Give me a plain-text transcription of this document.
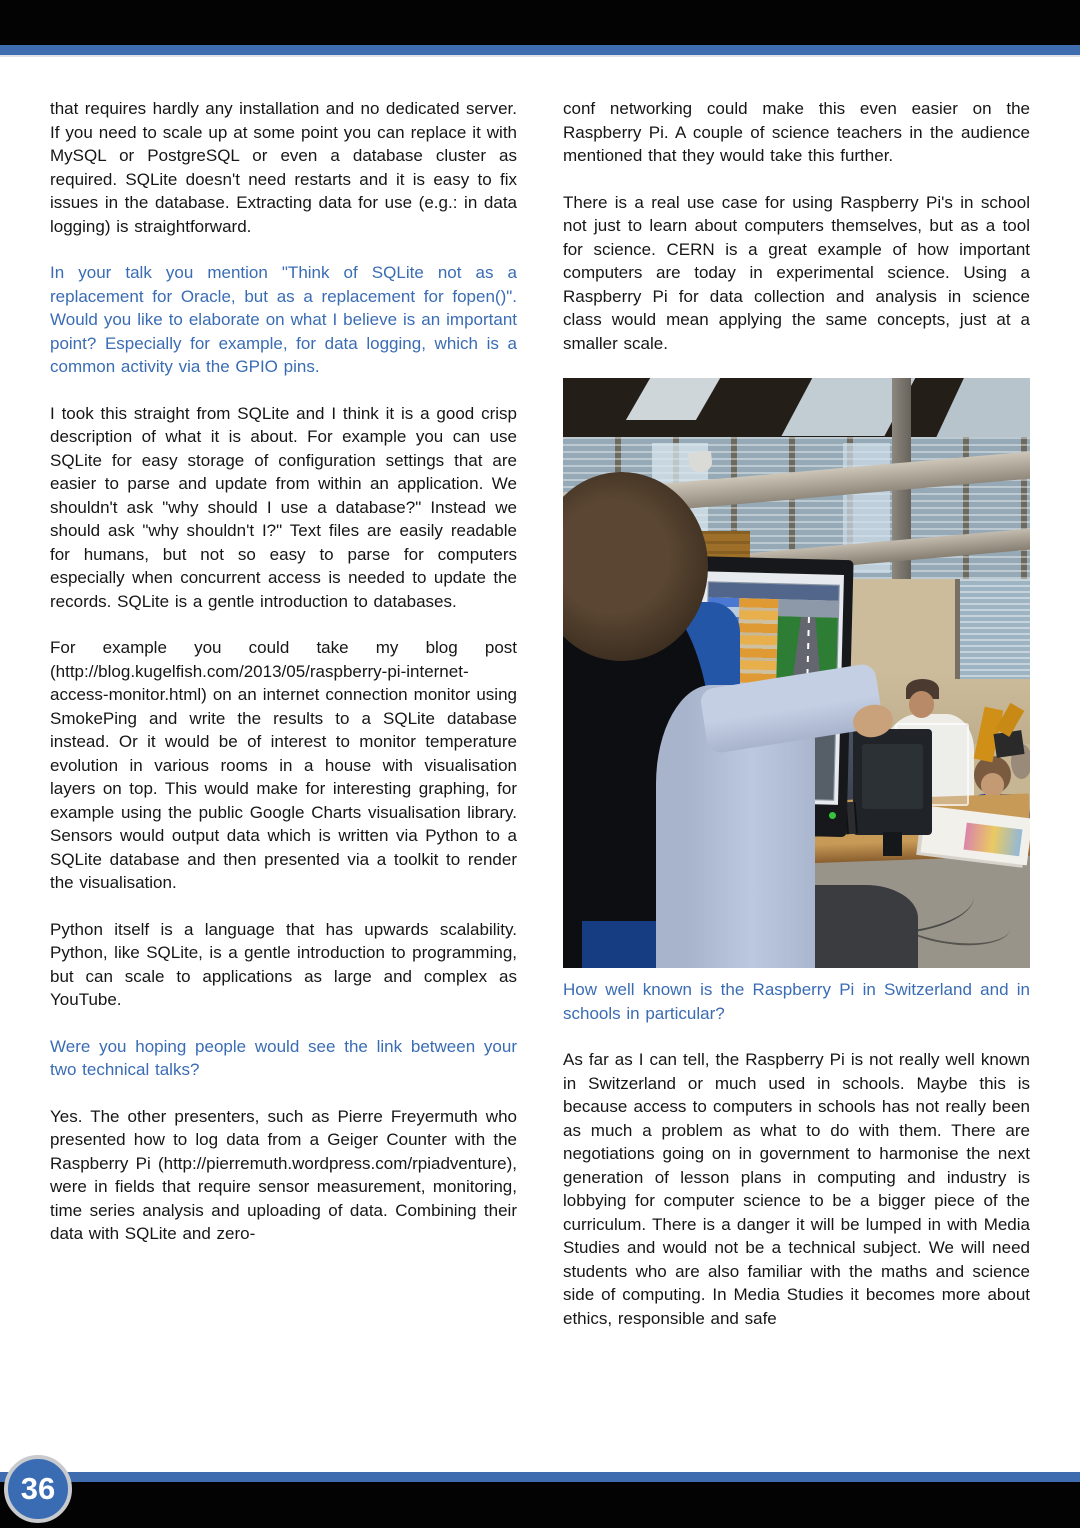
that requires hardly any installation and no dedicated server. If you need to scale up at some point you can replace it with MySQL or PostgreSQL or even a database cluster as required. SQLite doesn't need restarts and it is easy to fix issues in the database. Extracting data for use (e.g.: in data logging) is straightforward.

In your talk you mention "Think of SQLite not as a replacement for Oracle, but as a replacement for fopen()". Would you like to elaborate on what I believe is an important point? Especially for example, for data logging, which is a common activity via the GPIO pins.

I took this straight from SQLite and I think it is a good crisp description of what it is about. For example you can use SQLite for easy storage of configuration settings that are easier to parse and update from within an application. We shouldn't ask "why should I use a database?" Instead we should ask "why shouldn't I?" Text files are easily readable for humans, but not so easy to parse for computers especially when concurrent access is needed to update the records. SQLite is a gentle introduction to databases.

For example you could take my blog post (http://blog.kugelfish.com/2013/05/raspberry-pi-internet-access-monitor.html) on an internet connection monitor using SmokePing and write the results to a SQLite database instead. Or it would be of interest to monitor temperature evolution in various rooms in a house with visualisation layers on top. This would make for interesting graphing, for example using the public Google Charts visualisation library. Sensors would output data which is written via Python to a SQLite database and then presented via a toolkit to render the visualisation.

Python itself is a language that has upwards scalability. Python, like SQLite, is a gentle introduction to programming, but can scale to applications as large and complex as YouTube.

Were you hoping people would see the link between your two technical talks?

Yes. The other presenters, such as Pierre Freyermuth who presented how to log data from a Geiger Counter with the Raspberry Pi (http://pierremuth.wordpress.com/rpiadventure), were in fields that require sensor measurement, monitoring, time series analysis and uploading of data. Combining their data with SQLite and zero-

conf networking could make this even easier on the Raspberry Pi. A couple of science teachers in the audience mentioned that they would take this further.

There is a real use case for using Raspberry Pi's in school not just to learn about computers themselves, but as a tool for science. CERN is a great example of how important computers are today in experimental science. Using a Raspberry Pi for data collection and analysis in science class would mean applying the same concepts, just at a smaller scale.

How well known is the Raspberry Pi in Switzerland and in schools in particular?

As far as I can tell, the Raspberry Pi is not really well known in Switzerland or much used in schools. Maybe this is because access to computers in schools has not really been as much a problem as what to do with them. There are negotiations going on in government to harmonise the next generation of lesson plans in computing and industry is lobbying for computer science to be a bigger piece of the curriculum. There is a danger it will be lumped in with Media Studies and would not be a technical subject. We will need students who are also familiar with the maths and science side of computing. In Media Studies it becomes more about ethics, responsible and safe

36
